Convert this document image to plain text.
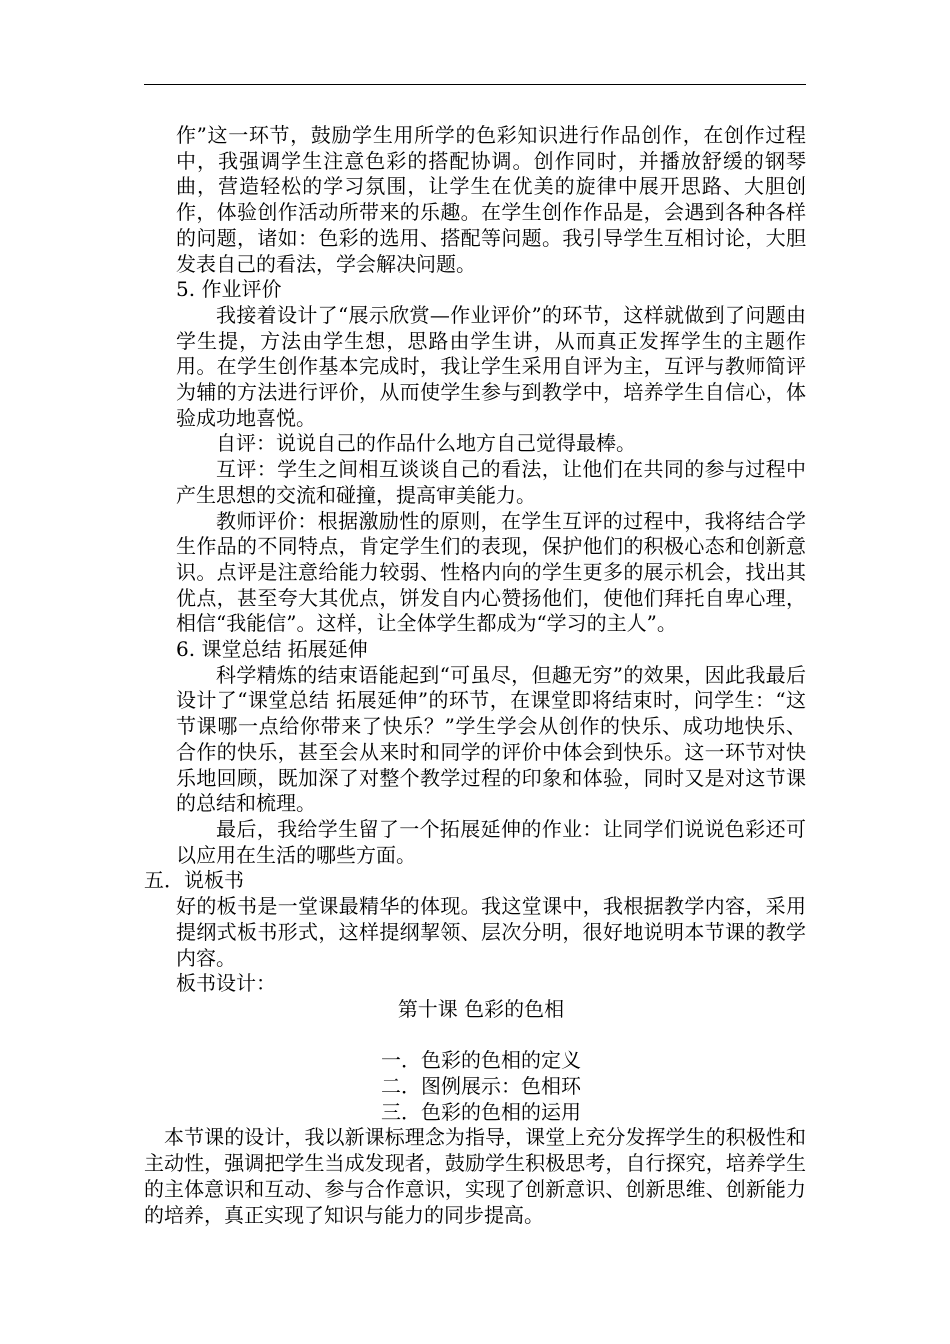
作”这一环节，鼓励学生用所学的色彩知识进行作品创作，在创作过程中，我强调学生注意色彩的搭配协调。创作同时，并播放舒缓的钢琴曲，营造轻松的学习氛围，让学生在优美的旋律中展开思路、大胆创作，体验创作活动所带来的乐趣。在学生创作作品是，会遇到各种各样的问题，诸如：色彩的选用、搭配等问题。我引导学生互相讨论，大胆发表自己的看法，学会解决问题。

5. 作业评价

我接着设计了“展示欣赏—作业评价”的环节，这样就做到了问题由学生提，方法由学生想，思路由学生讲，从而真正发挥学生的主题作用。在学生创作基本完成时，我让学生采用自评为主，互评与教师简评为辅的方法进行评价，从而使学生参与到教学中，培养学生自信心，体验成功地喜悦。

自评：说说自己的作品什么地方自己觉得最棒。

互评：学生之间相互谈谈自己的看法，让他们在共同的参与过程中产生思想的交流和碰撞，提高审美能力。

教师评价：根据激励性的原则，在学生互评的过程中，我将结合学生作品的不同特点，肯定学生们的表现，保护他们的积极心态和创新意识。点评是注意给能力较弱、性格内向的学生更多的展示机会，找出其优点，甚至夸大其优点，饼发自内心赞扬他们，使他们拜托自卑心理，相信“我能信”。这样，让全体学生都成为“学习的主人”。

6. 课堂总结 拓展延伸

科学精炼的结束语能起到“可虽尽，但趣无穷”的效果，因此我最后设计了“课堂总结 拓展延伸”的环节，在课堂即将结束时，问学生：“这节课哪一点给你带来了快乐？”学生学会从创作的快乐、成功地快乐、合作的快乐，甚至会从来时和同学的评价中体会到快乐。这一环节对快乐地回顾，既加深了对整个教学过程的印象和体验，同时又是对这节课的总结和梳理。

最后，我给学生留了一个拓展延伸的作业：让同学们说说色彩还可以应用在生活的哪些方面。

五．说板书

好的板书是一堂课最精华的体现。我这堂课中，我根据教学内容，采用提纲式板书形式，这样提纲挈领、层次分明，很好地说明本节课的教学内容。

板书设计：

第十课 色彩的色相

一．色彩的色相的定义

二．图例展示：色相环

三．色彩的色相的运用

本节课的设计，我以新课标理念为指导，课堂上充分发挥学生的积极性和主动性，强调把学生当成发现者，鼓励学生积极思考，自行探究，培养学生的主体意识和互动、参与合作意识，实现了创新意识、创新思维、创新能力的培养，真正实现了知识与能力的同步提高。
